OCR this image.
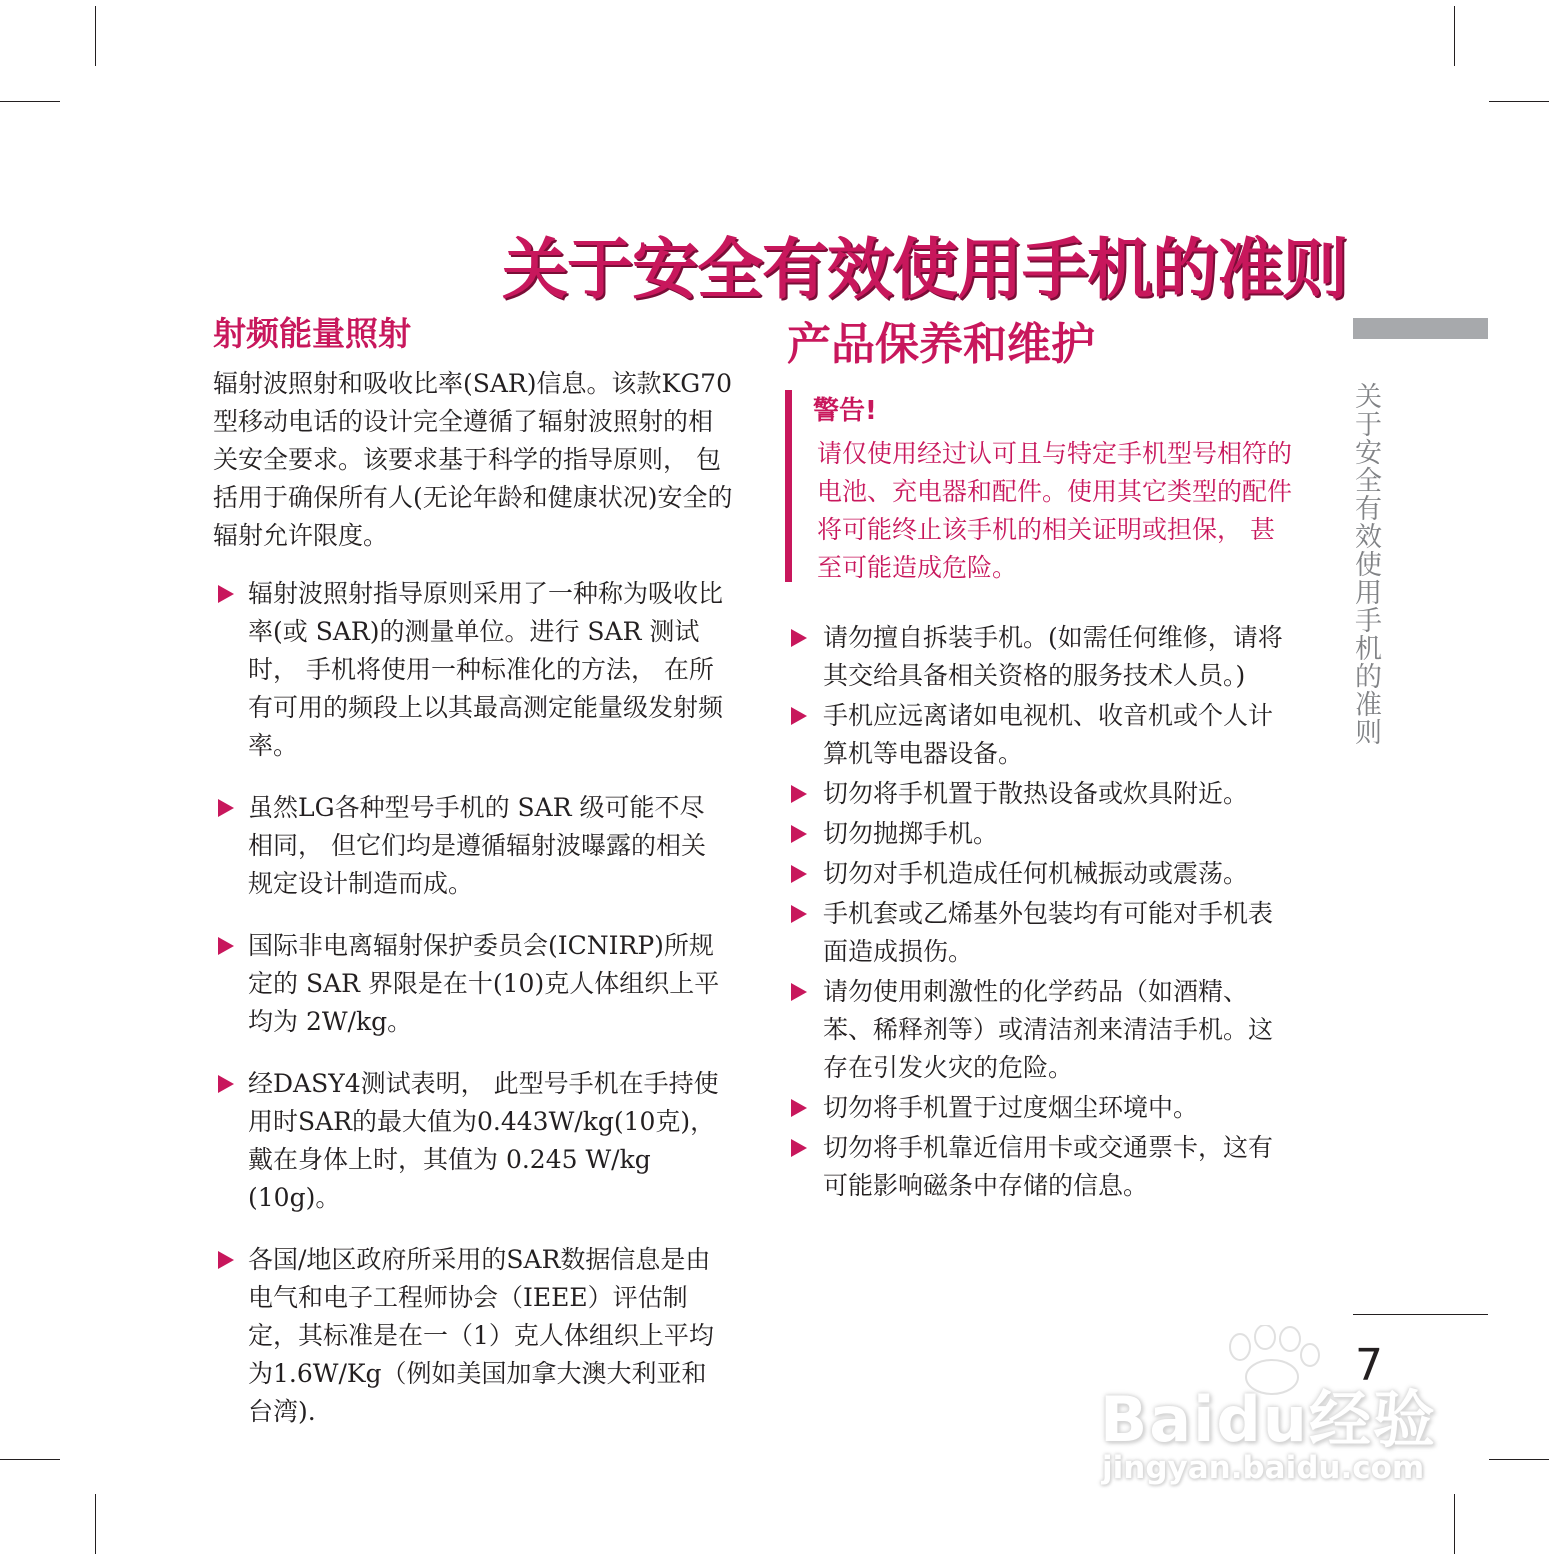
关于安全有效使用手机的准则
射频能量照射

辐射波照射和吸收比率(SAR)信息。该款KG70型移动电话的设计完全遵循了辐射波照射的相关安全要求。该要求基于科学的指导原则， 包括用于确保所有人(无论年龄和健康状况)安全的辐射允许限度。

辐射波照射指导原则采用了一种称为吸收比率(或 SAR)的测量单位。进行 SAR 测试时， 手机将使用一种标准化的方法， 在所有可用的频段上以其最高测定能量级发射频率。
虽然LG各种型号手机的 SAR 级可能不尽相同， 但它们均是遵循辐射波曝露的相关规定设计制造而成。
国际非电离辐射保护委员会(ICNIRP)所规定的 SAR 界限是在十(10)克人体组织上平均为 2W/kg。
经DASY4测试表明， 此型号手机在手持使用时SAR的最大值为0.443W/kg(10克)，戴在身体上时，其值为 0.245 W/kg (10g)。
各国/地区政府所采用的SAR数据信息是由电气和电子工程师协会（IEEE）评估制定，其标准是在一（1）克人体组织上平均为1.6W/Kg（例如美国加拿大澳大利亚和台湾).
产品保养和维护
警告!

请仅使用经过认可且与特定手机型号相符的电池、充电器和配件。使用其它类型的配件将可能终止该手机的相关证明或担保， 甚至可能造成危险。

请勿擅自拆装手机。(如需任何维修，请将其交给具备相关资格的服务技术人员。)
手机应远离诸如电视机、收音机或个人计算机等电器设备。
切勿将手机置于散热设备或炊具附近。
切勿抛掷手机。
切勿对手机造成任何机械振动或震荡。
手机套或乙烯基外包装均有可能对手机表面造成损伤。
请勿使用刺激性的化学药品（如酒精、苯、稀释剂等）或清洁剂来清洁手机。这存在引发火灾的危险。
切勿将手机置于过度烟尘环境中。
切勿将手机靠近信用卡或交通票卡，这有可能影响磁条中存储的信息。
关于安全有效使用手机的准则
7
Baidu经验
jingyan.baidu.com
